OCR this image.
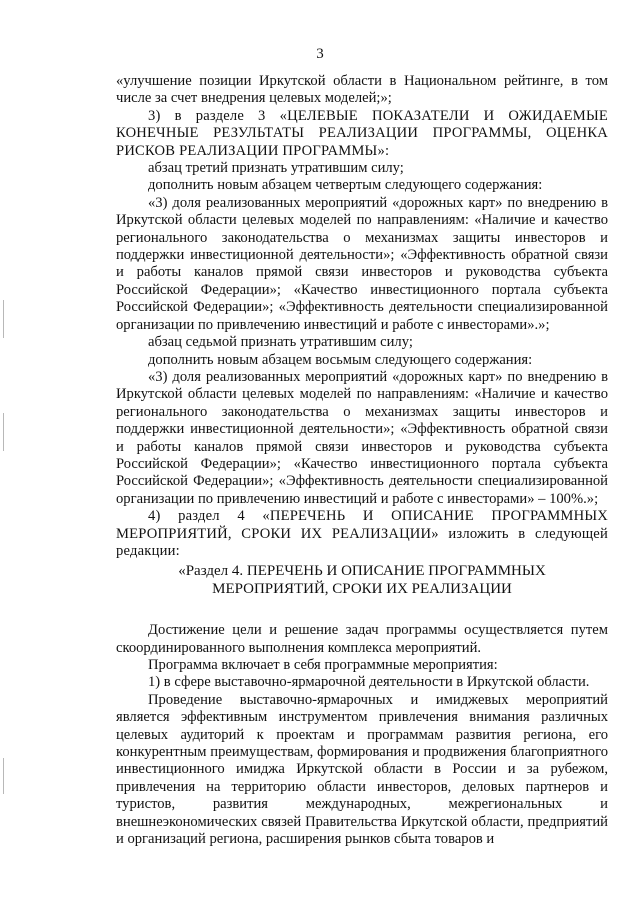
3

«улучшение позиции Иркутской области в Национальном рейтинге, в том числе за счет внедрения целевых моделей;»;

3) в разделе 3 «ЦЕЛЕВЫЕ ПОКАЗАТЕЛИ И ОЖИДАЕМЫЕ КОНЕЧНЫЕ РЕЗУЛЬТАТЫ РЕАЛИЗАЦИИ ПРОГРАММЫ, ОЦЕНКА РИСКОВ РЕАЛИЗАЦИИ ПРОГРАММЫ»:

абзац третий признать утратившим силу;

дополнить новым абзацем четвертым следующего содержания:

«3) доля реализованных мероприятий «дорожных карт» по внедрению в Иркутской области целевых моделей по направлениям: «Наличие и качество регионального законодательства о механизмах защиты инвесторов и поддержки инвестиционной деятельности»; «Эффективность обратной связи и работы каналов прямой связи инвесторов и руководства субъекта Российской Федерации»; «Качество инвестиционного портала субъекта Российской Федерации»; «Эффективность деятельности специализированной организации по привлечению инвестиций и работе с инвесторами».»;

абзац седьмой признать утратившим силу;

дополнить новым абзацем восьмым следующего содержания:

«3) доля реализованных мероприятий «дорожных карт» по внедрению в Иркутской области целевых моделей по направлениям: «Наличие и качество регионального законодательства о механизмах защиты инвесторов и поддержки инвестиционной деятельности»; «Эффективность обратной связи и работы каналов прямой связи инвесторов и руководства субъекта Российской Федерации»; «Качество инвестиционного портала субъекта Российской Федерации»; «Эффективность деятельности специализированной организации по привлечению инвестиций и работе с инвесторами» – 100%.»;

4) раздел 4 «ПЕРЕЧЕНЬ И ОПИСАНИЕ ПРОГРАММНЫХ МЕРОПРИЯТИЙ, СРОКИ ИХ РЕАЛИЗАЦИИ» изложить в следующей редакции:

«Раздел 4. ПЕРЕЧЕНЬ И ОПИСАНИЕ ПРОГРАММНЫХ

МЕРОПРИЯТИЙ, СРОКИ ИХ РЕАЛИЗАЦИИ

Достижение цели и решение задач программы осуществляется путем скоординированного выполнения комплекса мероприятий.

Программа включает в себя программные мероприятия:

1) в сфере выставочно-ярмарочной деятельности в Иркутской области.

Проведение выставочно-ярмарочных и имиджевых мероприятий является эффективным инструментом привлечения внимания различных целевых аудиторий к проектам и программам развития региона, его конкурентным преимуществам, формирования и продвижения благоприятного инвестиционного имиджа Иркутской области в России и за рубежом, привлечения на территорию области инвесторов, деловых партнеров и туристов, развития международных, межрегиональных и внешнеэкономических связей Правительства Иркутской области, предприятий и организаций региона, расширения рынков сбыта товаров и
